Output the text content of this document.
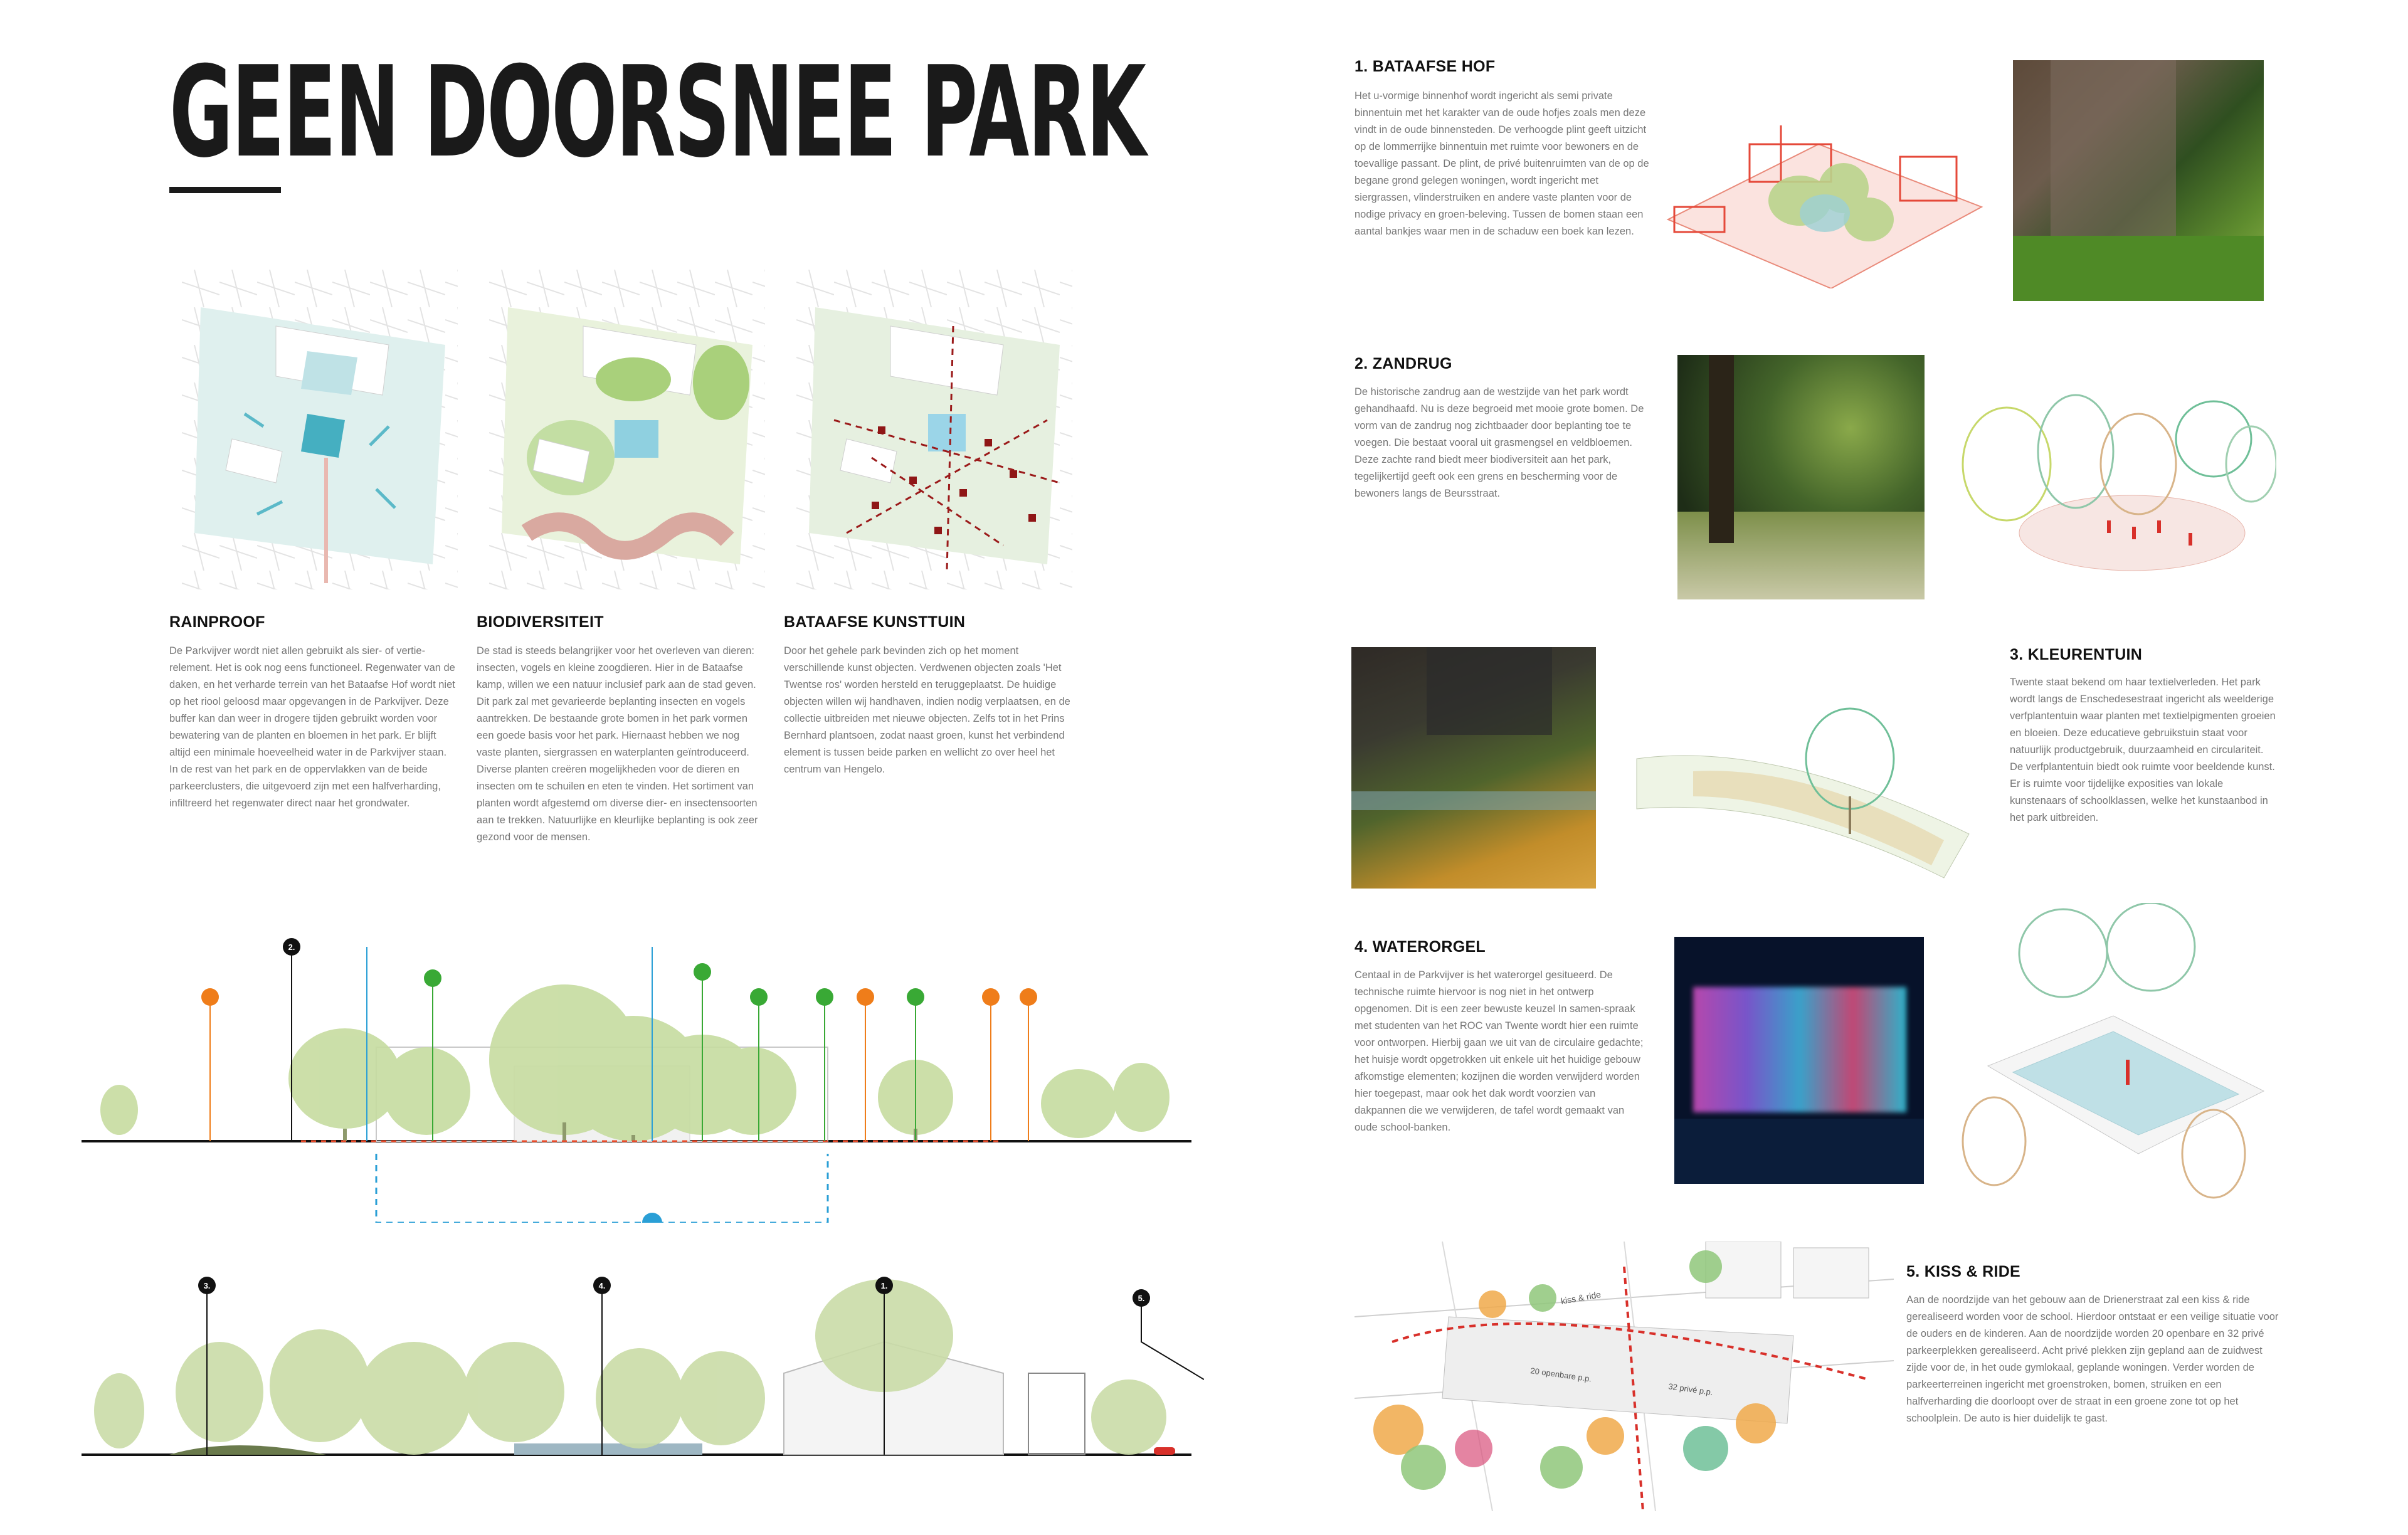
GEEN DOORSNEE PARK
RAINPROOF
De Parkvijver wordt niet allen gebruikt als sier- of vertie-relement. Het is ook nog eens functioneel. Regenwater van de daken, en het verharde terrein van het Bataafse Hof wordt niet op het riool geloosd maar opgevangen in de Parkvijver. Deze buffer kan dan weer in drogere tijden gebruikt worden voor bewatering van de planten en bloemen in het park. Er blijft altijd een minimale hoeveelheid water in de Parkvijver staan. In de rest van het park en de oppervlakken van de beide parkeerclusters, die uitgevoerd zijn met een halfverharding, infiltreerd het regenwater direct naar het grondwater.
BIODIVERSITEIT
De stad is steeds belangrijker voor het overleven van dieren: insecten, vogels en kleine zoogdieren. Hier in de Bataafse kamp, willen we een natuur inclusief park aan de stad geven. Dit park zal met gevarieerde beplanting insecten en vogels aantrekken. De bestaande grote bomen in het park vormen een goede basis voor het park. Hiernaast hebben we nog vaste planten, siergrassen en waterplanten geïntroduceerd. Diverse planten creëren mogelijkheden voor de dieren en insecten om te schuilen en eten te vinden. Het sortiment van planten wordt afgestemd om diverse dier- en insectensoorten aan te trekken. Natuurlijke en kleurlijke beplanting is ook zeer gezond voor de mensen.
BATAAFSE KUNSTTUIN
Door het gehele park bevinden zich op het moment verschillende kunst objecten. Verdwenen objecten zoals 'Het Twentse ros' worden hersteld en teruggeplaatst. De huidige objecten willen wij handhaven, indien nodig verplaatsen, en de collectie uitbreiden met nieuwe objecten. Zelfs tot in het Prins Bernhard plantsoen, zodat naast groen, kunst het verbindend element is tussen beide parken en wellicht zo over heel het centrum van Hengelo.
2.
3.	4.	1.
5.
1. BATAAFSE HOF
Het u-vormige binnenhof wordt ingericht als semi private binnentuin met het karakter van de oude hofjes zoals men deze vindt in de oude binnensteden. De verhoogde plint geeft uitzicht op de lommerrijke binnentuin met ruimte voor bewoners en de toevallige passant. De plint, de privé buitenruimten van de op de begane grond gelegen woningen, wordt ingericht met siergrassen, vlinderstruiken en andere vaste planten voor de nodige privacy en groen-beleving. Tussen de bomen staan een aantal bankjes waar men in de schaduw een boek kan lezen.
2. ZANDRUG
De historische zandrug aan de westzijde van het park wordt gehandhaafd. Nu is deze begroeid met mooie grote bomen. De vorm van de zandrug nog zichtbaader door beplanting toe te voegen. Die bestaat vooral uit grasmengsel en veldbloemen. Deze zachte rand biedt meer biodiversiteit aan het park, tegelijkertijd geeft ook een grens en bescherming voor de bewoners langs de Beursstraat.
3. KLEURENTUIN
Twente staat bekend om haar textielverleden. Het park wordt langs de Enschedesestraat ingericht als weelderige verfplantentuin waar planten met textielpigmenten groeien en bloeien. Deze educatieve gebruikstuin staat voor natuurlijk productgebruik, duurzaamheid en circulariteit. De verfplantentuin biedt ook ruimte voor beeldende kunst. Er is ruimte voor tijdelijke exposities van lokale kunstenaars of schoolklassen, welke het kunstaanbod in het park uitbreiden.
4. WATERORGEL
Centaal in de Parkvijver is het waterorgel gesitueerd. De technische ruimte hiervoor is nog niet in het ontwerp opgenomen. Dit is een zeer bewuste keuzel In samen-spraak met studenten van het ROC van Twente wordt hier een ruimte voor ontworpen. Hierbij gaan we uit van de circulaire gedachte; het huisje wordt opgetrokken uit enkele uit het huidige gebouw afkomstige elementen; kozijnen die worden verwijderd worden hier toegepast, maar ook het dak wordt voorzien van dakpannen die we verwijderen, de tafel wordt gemaakt van oude school-banken.
kiss & ride
20 openbare p.p.
32 privé p.p.
5. KISS & RIDE
Aan de noordzijde van het gebouw aan de Drienerstraat zal een kiss & ride gerealiseerd worden voor de school. Hierdoor ontstaat er een veilige situatie voor de ouders en de kinderen. Aan de noordzijde worden 20 openbare en 32 privé parkeerplekken gerealiseerd. Acht privé plekken zijn gepland aan de zuidwest zijde voor de, in het oude gymlokaal, geplande woningen. Verder worden de parkeerterreinen ingericht met groenstroken, bomen, struiken en een halfverharding die doorloopt over de straat in een groene zone tot op het schoolplein. De auto is hier duidelijk te gast.
